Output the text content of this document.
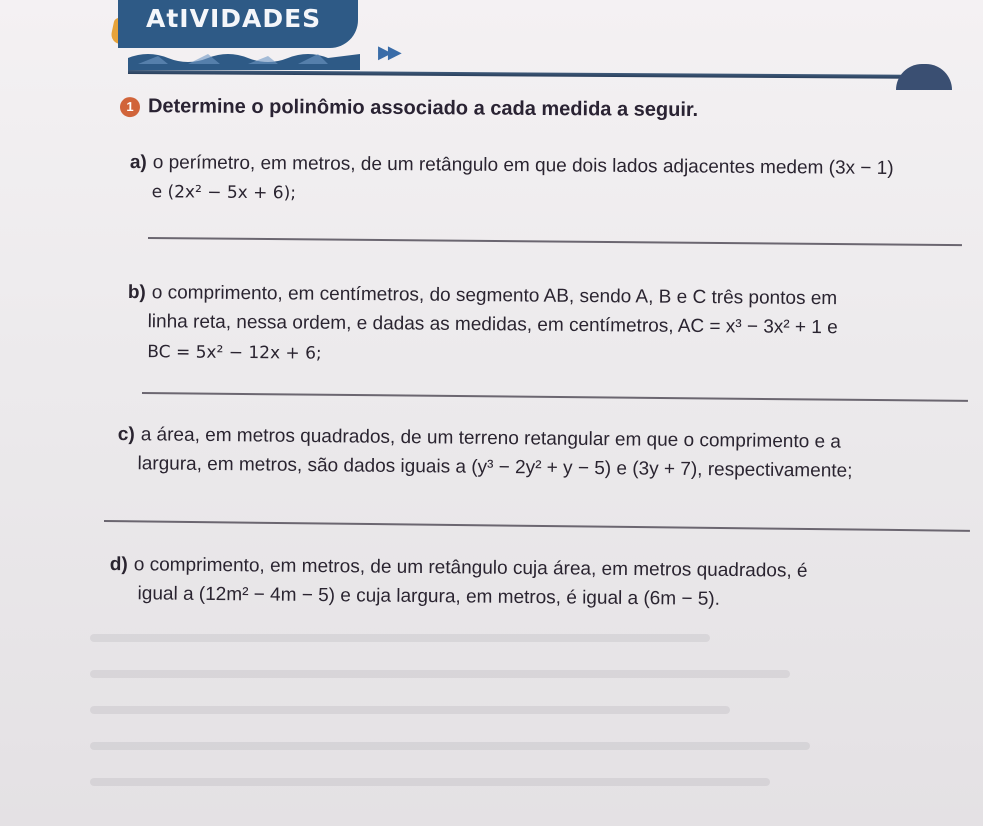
AtIVIDADES
▶▶
1 Determine o polinômio associado a cada medida a seguir.
a) o perímetro, em metros, de um retângulo em que dois lados adjacentes medem (3x − 1)
e (2x² − 5x + 6);
b) o comprimento, em centímetros, do segmento AB, sendo A, B e C três pontos em
linha reta, nessa ordem, e dadas as medidas, em centímetros, AC = x³ − 3x² + 1 e
BC = 5x² − 12x + 6;
c) a área, em metros quadrados, de um terreno retangular em que o comprimento e a
largura, em metros, são dados iguais a (y³ − 2y² + y − 5) e (3y + 7), respectivamente;
d) o comprimento, em metros, de um retângulo cuja área, em metros quadrados, é
igual a (12m² − 4m − 5) e cuja largura, em metros, é igual a (6m − 5).
